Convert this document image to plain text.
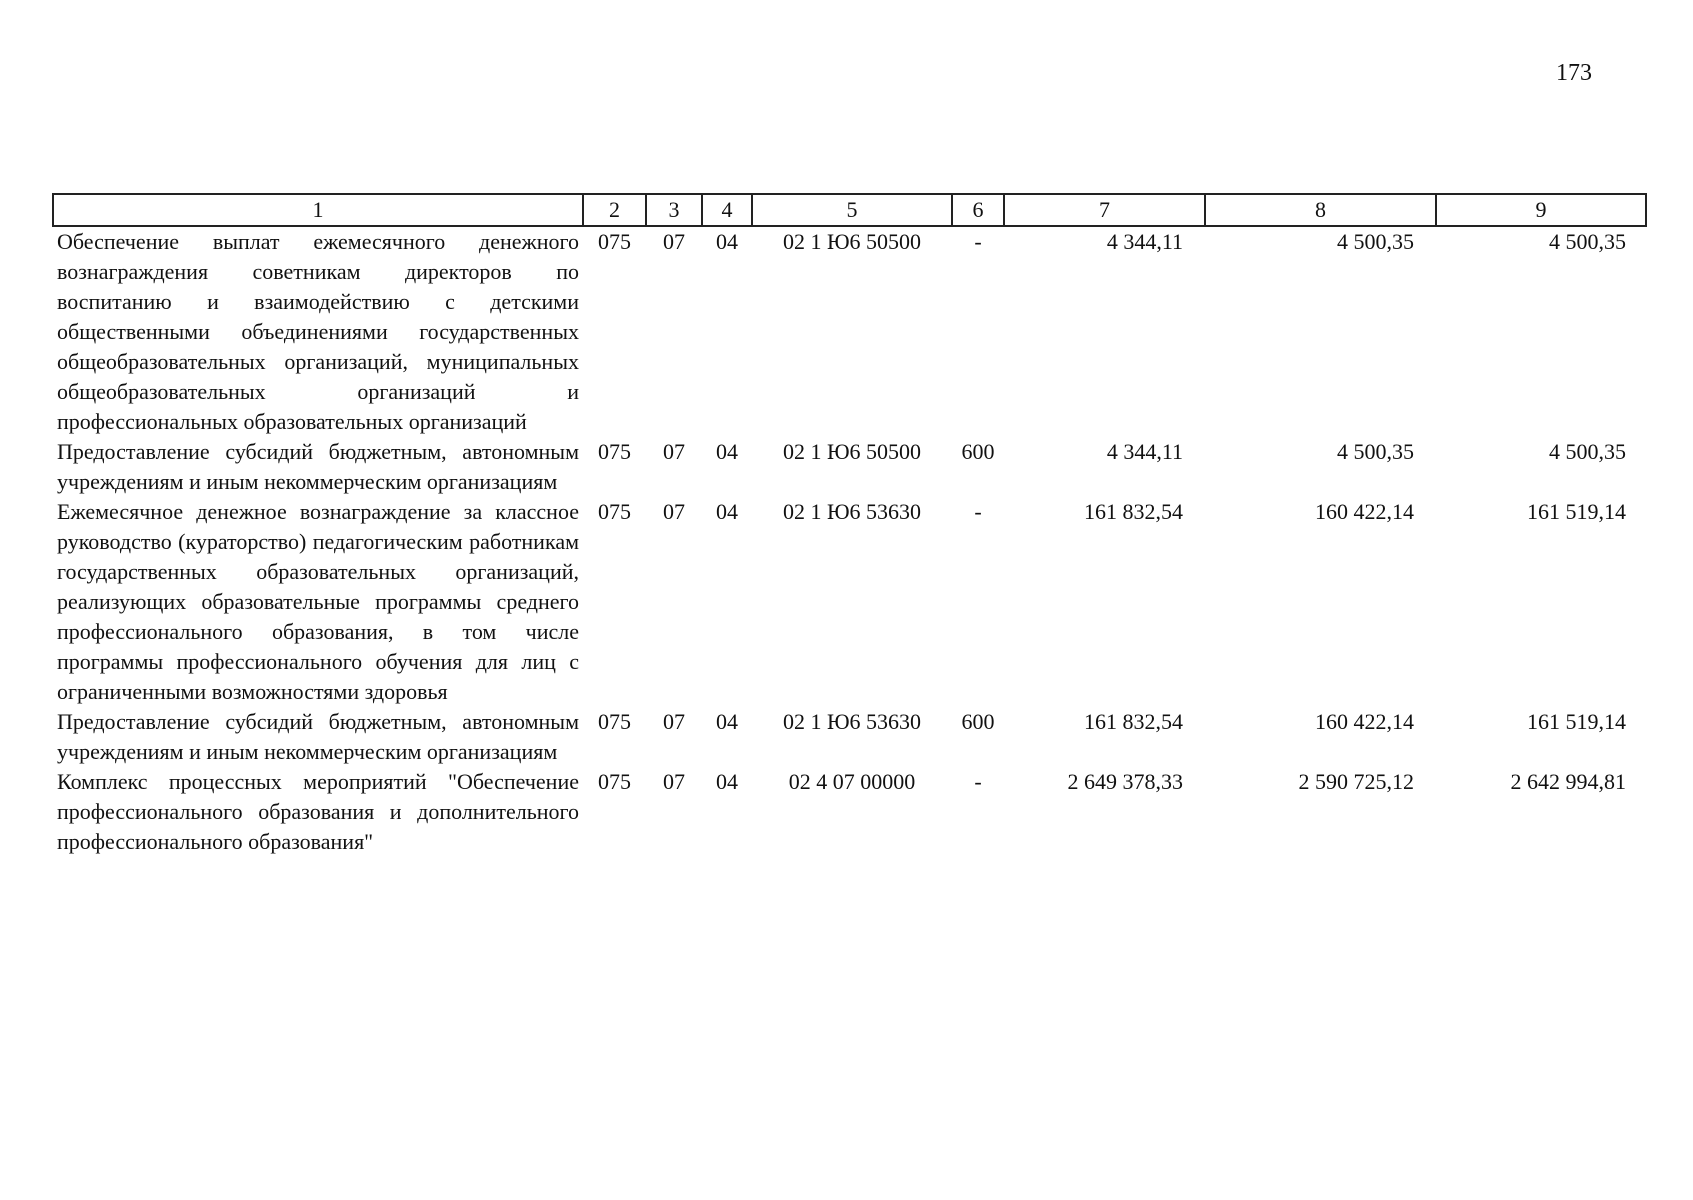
173
1	2	3	4	5	6	7	8	9

Обеспечение выплат ежемесячного денежного вознаграждения советникам директоров по воспитанию и взаимодействию с детскими общественными объединениями государственных общеобразовательных организаций, муниципальных общеобразовательных организаций и профессиональных образовательных организаций	075	07	04	02 1 Ю6 50500	-	4 344,11	4 500,35	4 500,35

Предоставление субсидий бюджетным, автономным учреждениям и иным некоммерческим организациям	075	07	04	02 1 Ю6 50500	600	4 344,11	4 500,35	4 500,35

Ежемесячное денежное вознаграждение за классное руководство (кураторство) педагогическим работникам государственных образовательных организаций, реализующих образовательные программы среднего профессионального образования, в том числе программы профессионального обучения для лиц с ограниченными возможностями здоровья	075	07	04	02 1 Ю6 53630	-	161 832,54	160 422,14	161 519,14

Предоставление субсидий бюджетным, автономным учреждениям и иным некоммерческим организациям	075	07	04	02 1 Ю6 53630	600	161 832,54	160 422,14	161 519,14

Комплекс процессных мероприятий "Обеспечение профессионального образования и дополнительного профессионального образования"	075	07	04	02 4 07 00000	-	2 649 378,33	2 590 725,12	2 642 994,81
